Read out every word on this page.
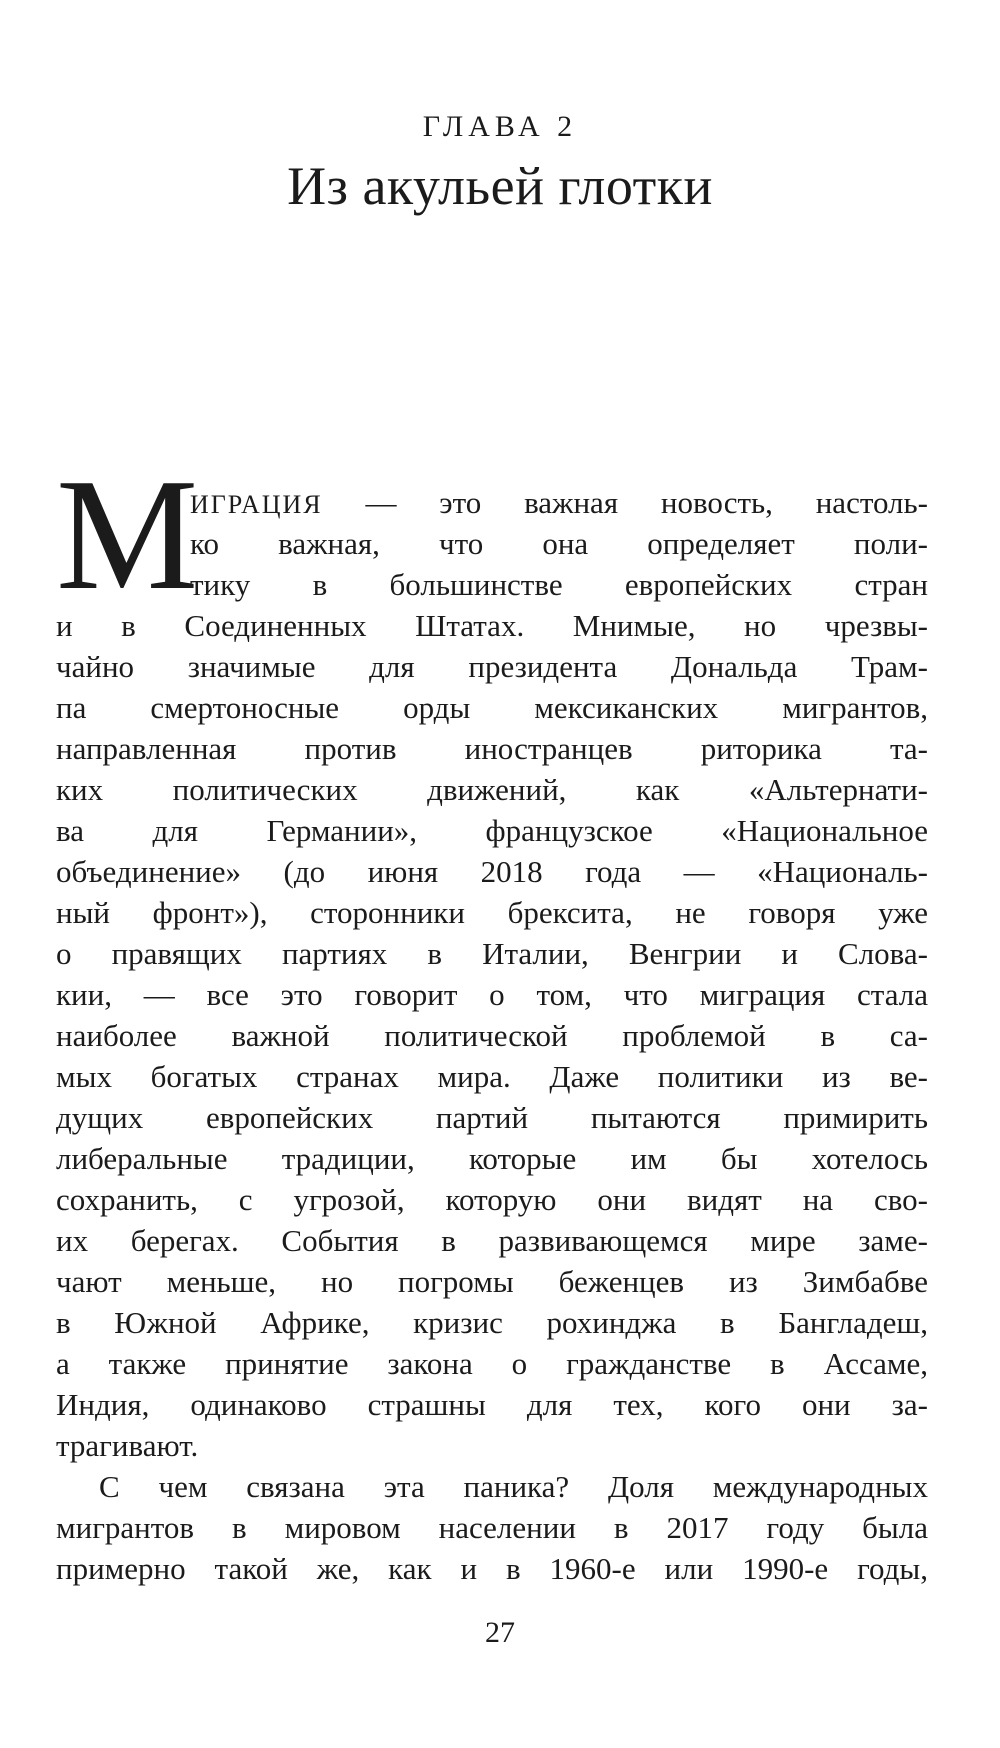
ГЛАВА 2
Из акульей глотки
М
ИГРАЦИЯ — это важная новость, настоль-
ко важная, что она определяет поли-
тику в большинстве европейских стран
и в Соединенных Штатах. Мнимые, но чрезвы-
чайно значимые для президента Дональда Трам-
па смертоносные орды мексиканских мигрантов,
направленная против иностранцев риторика та-
ких политических движений, как «Альтернати-
ва для Германии», французское «Национальное
объединение» (до июня 2018 года — «Националь-
ный фронт»), сторонники брексита, не говоря уже
о правящих партиях в Италии, Венгрии и Слова-
кии, — все это говорит о том, что миграция стала
наиболее важной политической проблемой в са-
мых богатых странах мира. Даже политики из ве-
дущих европейских партий пытаются примирить
либеральные традиции, которые им бы хотелось
сохранить, с угрозой, которую они видят на сво-
их берегах. События в развивающемся мире заме-
чают меньше, но погромы беженцев из Зимбабве
в Южной Африке, кризис рохинджа в Бангладеш,
а также принятие закона о гражданстве в Ассаме,
Индия, одинаково страшны для тех, кого они за-
трагивают.
С чем связана эта паника? Доля международных
мигрантов в мировом населении в 2017 году была
примерно такой же, как и в 1960-е или 1990-е годы,
27
